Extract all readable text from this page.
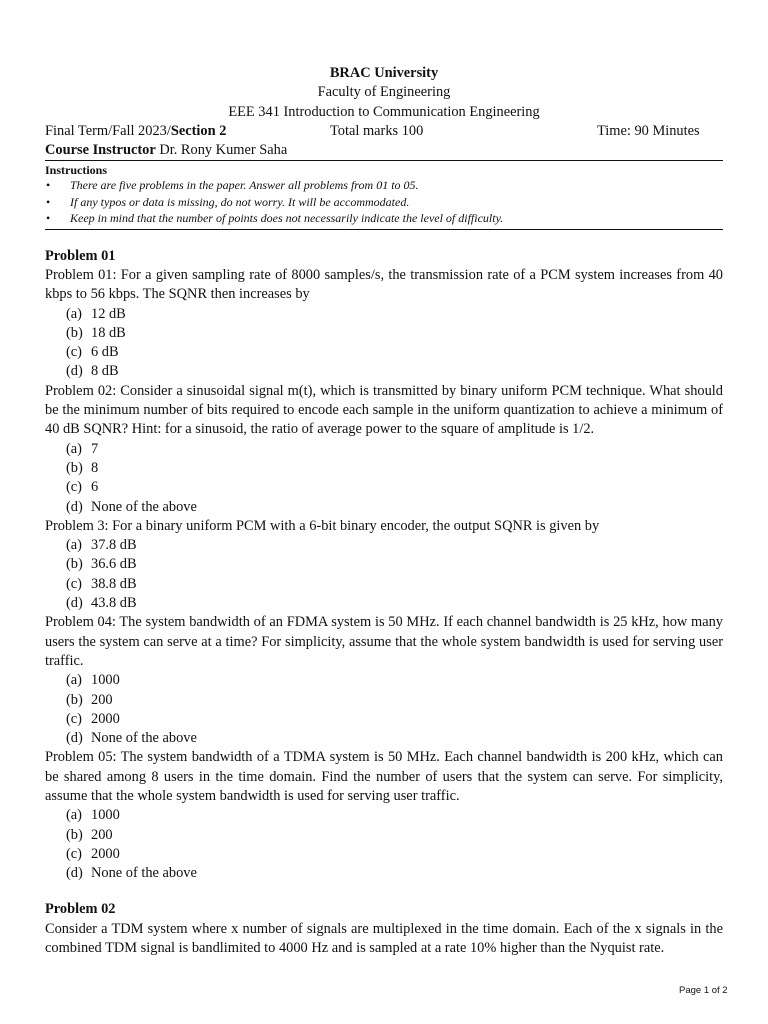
BRAC University
Faculty of Engineering
EEE 341 Introduction to Communication Engineering
Final Term/Fall 2023/Section 2	Total marks 100	Time: 90 Minutes
Course Instructor Dr. Rony Kumer Saha
Instructions
• There are five problems in the paper. Answer all problems from 01 to 05.
• If any typos or data is missing, do not worry. It will be accommodated.
• Keep in mind that the number of points does not necessarily indicate the level of difficulty.
Problem 01
Problem 01: For a given sampling rate of 8000 samples/s, the transmission rate of a PCM system increases from 40 kbps to 56 kbps. The SQNR then increases by
(a) 12 dB
(b) 18 dB
(c) 6 dB
(d) 8 dB
Problem 02: Consider a sinusoidal signal m(t), which is transmitted by binary uniform PCM technique. What should be the minimum number of bits required to encode each sample in the uniform quantization to achieve a minimum of 40 dB SQNR? Hint: for a sinusoid, the ratio of average power to the square of amplitude is 1/2.
(a) 7
(b) 8
(c) 6
(d) None of the above
Problem 3: For a binary uniform PCM with a 6-bit binary encoder, the output SQNR is given by
(a) 37.8 dB
(b) 36.6 dB
(c) 38.8 dB
(d) 43.8 dB
Problem 04: The system bandwidth of an FDMA system is 50 MHz. If each channel bandwidth is 25 kHz, how many users the system can serve at a time? For simplicity, assume that the whole system bandwidth is used for serving user traffic.
(a) 1000
(b) 200
(c) 2000
(d) None of the above
Problem 05: The system bandwidth of a TDMA system is 50 MHz. Each channel bandwidth is 200 kHz, which can be shared among 8 users in the time domain. Find the number of users that the system can serve. For simplicity, assume that the whole system bandwidth is used for serving user traffic.
(a) 1000
(b) 200
(c) 2000
(d) None of the above
Problem 02
Consider a TDM system where x number of signals are multiplexed in the time domain. Each of the x signals in the combined TDM signal is bandlimited to 4000 Hz and is sampled at a rate 10% higher than the Nyquist rate.
Page 1 of 2
